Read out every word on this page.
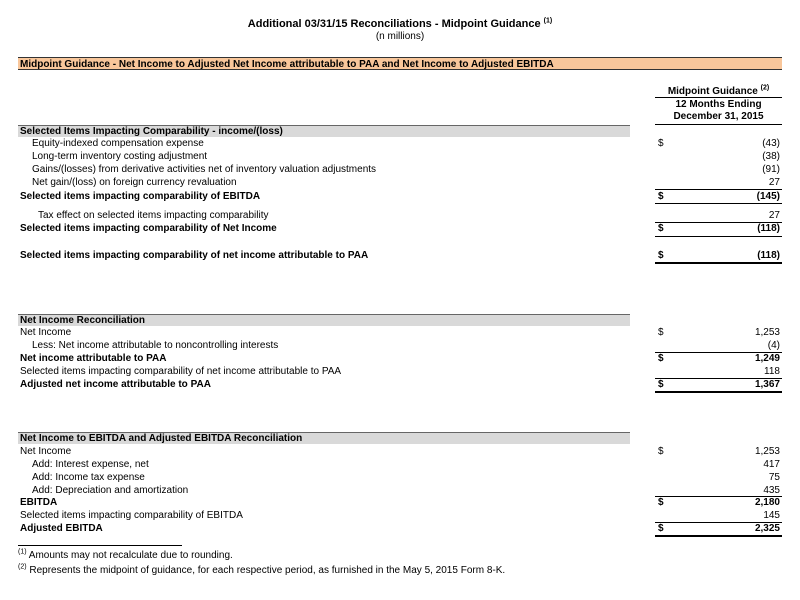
Additional 03/31/15 Reconciliations - Midpoint Guidance $^{(1)}$
(n millions)
Midpoint Guidance - Net Income to Adjusted Net Income attributable to PAA and Net Income to Adjusted EBITDA
Midpoint Guidance $^{(2)}$
12 Months Ending
December 31, 2015
Selected Items Impacting Comparability - income/(loss)
Equity-indexed compensation expense	$	(43)
Long-term inventory costing adjustment	(38)
Gains/(losses) from derivative activities net of inventory valuation adjustments	(91)
Net gain/(loss) on foreign currency revaluation	27
Selected items impacting comparability of EBITDA	$	(145)
Tax effect on selected items impacting comparability	27
Selected items impacting comparability of Net Income	$	(118)
Selected items impacting comparability of net income attributable to PAA	$	(118)
Net Income Reconciliation
Net Income	$	1,253
Less: Net income attributable to noncontrolling interests	(4)
Net income attributable to PAA	$	1,249
Selected items impacting comparability of net income attributable to PAA	118
Adjusted net income attributable to PAA	$	1,367
Net Income to EBITDA and Adjusted EBITDA Reconciliation
Net Income	$	1,253
Add: Interest expense, net	417
Add: Income tax expense	75
Add: Depreciation and amortization	435
EBITDA	$	2,180
Selected items impacting comparability of EBITDA	145
Adjusted EBITDA	$	2,325
$^{(1)}$ Amounts may not recalculate due to rounding.
$^{(2)}$ Represents the midpoint of guidance, for each respective period, as furnished in the May 5, 2015 Form 8-K.
